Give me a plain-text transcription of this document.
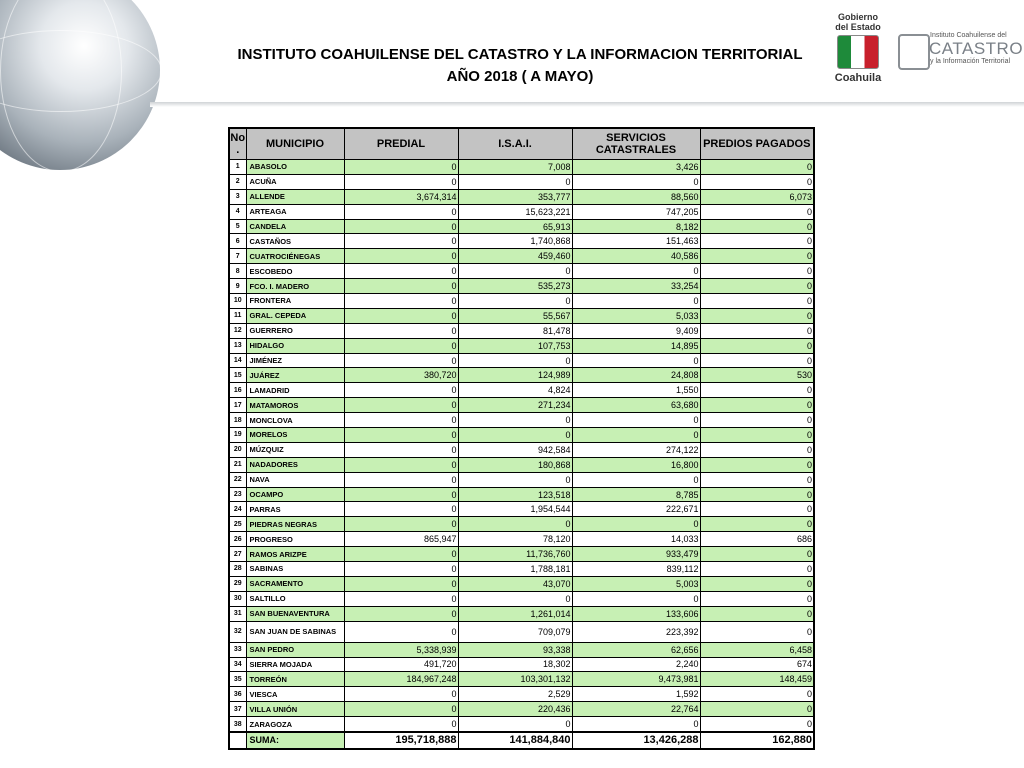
INSTITUTO COAHUILENSE DEL CATASTRO Y LA INFORMACION TERRITORIAL
AÑO 2018 ( A MAYO)
Gobierno
del Estado
Coahuila
Instituto Coahuilense del
CATASTRO
y la Información Territorial
No .	MUNICIPIO	PREDIAL	I.S.A.I.	SERVICIOS CATASTRALES	PREDIOS PAGADOS
1	ABASOLO	0	7,008	3,426	0
2	ACUÑA	0	0	0	0
3	ALLENDE	3,674,314	353,777	88,560	6,073
4	ARTEAGA	0	15,623,221	747,205	0
5	CANDELA	0	65,913	8,182	0
6	CASTAÑOS	0	1,740,868	151,463	0
7	CUATROCIÉNEGAS	0	459,460	40,586	0
8	ESCOBEDO	0	0	0	0
9	FCO. I. MADERO	0	535,273	33,254	0
10	FRONTERA	0	0	0	0
11	GRAL. CEPEDA	0	55,567	5,033	0
12	GUERRERO	0	81,478	9,409	0
13	HIDALGO	0	107,753	14,895	0
14	JIMÉNEZ	0	0	0	0
15	JUÁREZ	380,720	124,989	24,808	530
16	LAMADRID	0	4,824	1,550	0
17	MATAMOROS	0	271,234	63,680	0
18	MONCLOVA	0	0	0	0
19	MORELOS	0	0	0	0
20	MÚZQUIZ	0	942,584	274,122	0
21	NADADORES	0	180,868	16,800	0
22	NAVA	0	0	0	0
23	OCAMPO	0	123,518	8,785	0
24	PARRAS	0	1,954,544	222,671	0
25	PIEDRAS NEGRAS	0	0	0	0
26	PROGRESO	865,947	78,120	14,033	686
27	RAMOS ARIZPE	0	11,736,760	933,479	0
28	SABINAS	0	1,788,181	839,112	0
29	SACRAMENTO	0	43,070	5,003	0
30	SALTILLO	0	0	0	0
31	SAN BUENAVENTURA	0	1,261,014	133,606	0
32	SAN JUAN DE SABINAS	0	709,079	223,392	0
33	SAN PEDRO	5,338,939	93,338	62,656	6,458
34	SIERRA MOJADA	491,720	18,302	2,240	674
35	TORREÓN	184,967,248	103,301,132	9,473,981	148,459
36	VIESCA	0	2,529	1,592	0
37	VILLA UNIÓN	0	220,436	22,764	0
38	ZARAGOZA	0	0	0	0
	SUMA:	195,718,888	141,884,840	13,426,288	162,880
